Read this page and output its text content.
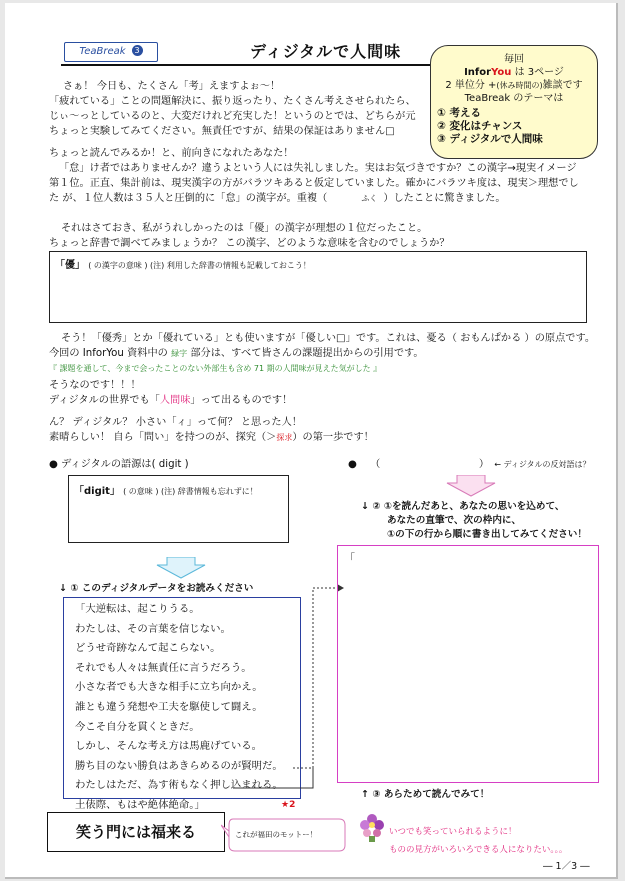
TeaBreak 3	ディジタルで人間味	毎回
InforYou は 3ページ
2 単位分 +(休み時間の)雑談です
TeaBreak のテーマは
① 考える
② 変化はチャンス
③ ディジタルで人間味
さぁ！ 今日も、たくさん「考」えますよぉ～！
「疲れている」ことの問題解決に、振り返ったり、たくさん考えさせられたら、
じぃ～っとしているのと、大変だけれど充実した！というのとでは、どちらが元
ちょっと実験してみてください。無責任ですが、結果の保証はありません□
ちょっと読んでみるか！と、前向きになれたあなた！
「怠」け者ではありませんか？違うよという人には失礼しました。実はお気づきですか？この漢字→現実イメージ
第１位。正直、集計前は、現実漢字の方がバラツキあると仮定していました。確かにバラツキ度は、現実＞理想でし
た が、１位人数は３５人と圧倒的に「怠」の漢字が。重複（	ふく ）したことに驚きました。
それはさておき、私がうれしかったのは「優」の漢字が理想の１位だったこと。
ちょっと辞書で調べてみましょうか？ この漢字、どのような意味を含むのでしょうか？
「優」 ( の漢字の意味 ) (注) 利用した辞書の情報も記載しておこう！
そう！「優秀」とか「優れている」とも使いますが「優しい□」です。これは、憂る（ おもんぱかる ）の原点です。
今回の InforYou 資料中の 緑字 部分は、すべて皆さんの課題提出からの引用です。
『 課題を通して、今まで会ったことのない外部生も含め 71 期の人間味が見えた気がした 』
そうなのです！！！
ディジタルの世界でも「人間味」って出るものです！
ん？ ディジタル？ 小さい「ィ」って何？ と思った人！
素晴らしい！ 自ら「問い」を持つのが、探究（＞探求）の第一歩です！
● ディジタルの語源は( digit )
「digit」 ( の意味 ) (注) 辞書情報も忘れずに！
↓ ① このディジタルデータをお読みください
「大逆転は、起こりうる。
わたしは、その言葉を信じない。
どうせ奇跡なんて起こらない。
それでも人々は無責任に言うだろう。
小さな者でも大きな相手に立ち向かえ。
誰とも違う発想や工夫を駆使して闘え。
今こそ自分を貫くときだ。
しかし、そんな考え方は馬鹿げている。
勝ち目のない勝負はあきらめるのが賢明だ。
わたしはただ、為す術もなく押し込まれる。
土俵際、もはや絶体絶命。」	★2
● （	） ← ディジタルの反対語は？
↓ ② ①を読んだあと、あなたの思いを込めて、
あなたの直筆で、次の枠内に、
①の下の行から順に書き出してみてください！
「
↑ ③ あらためて読んでみて！
笑う門には福来る	これが福田のモットー！	いつでも笑っていられるように！
ものの見方がいろいろできる人になりたい。。。
― 1／3 ―
